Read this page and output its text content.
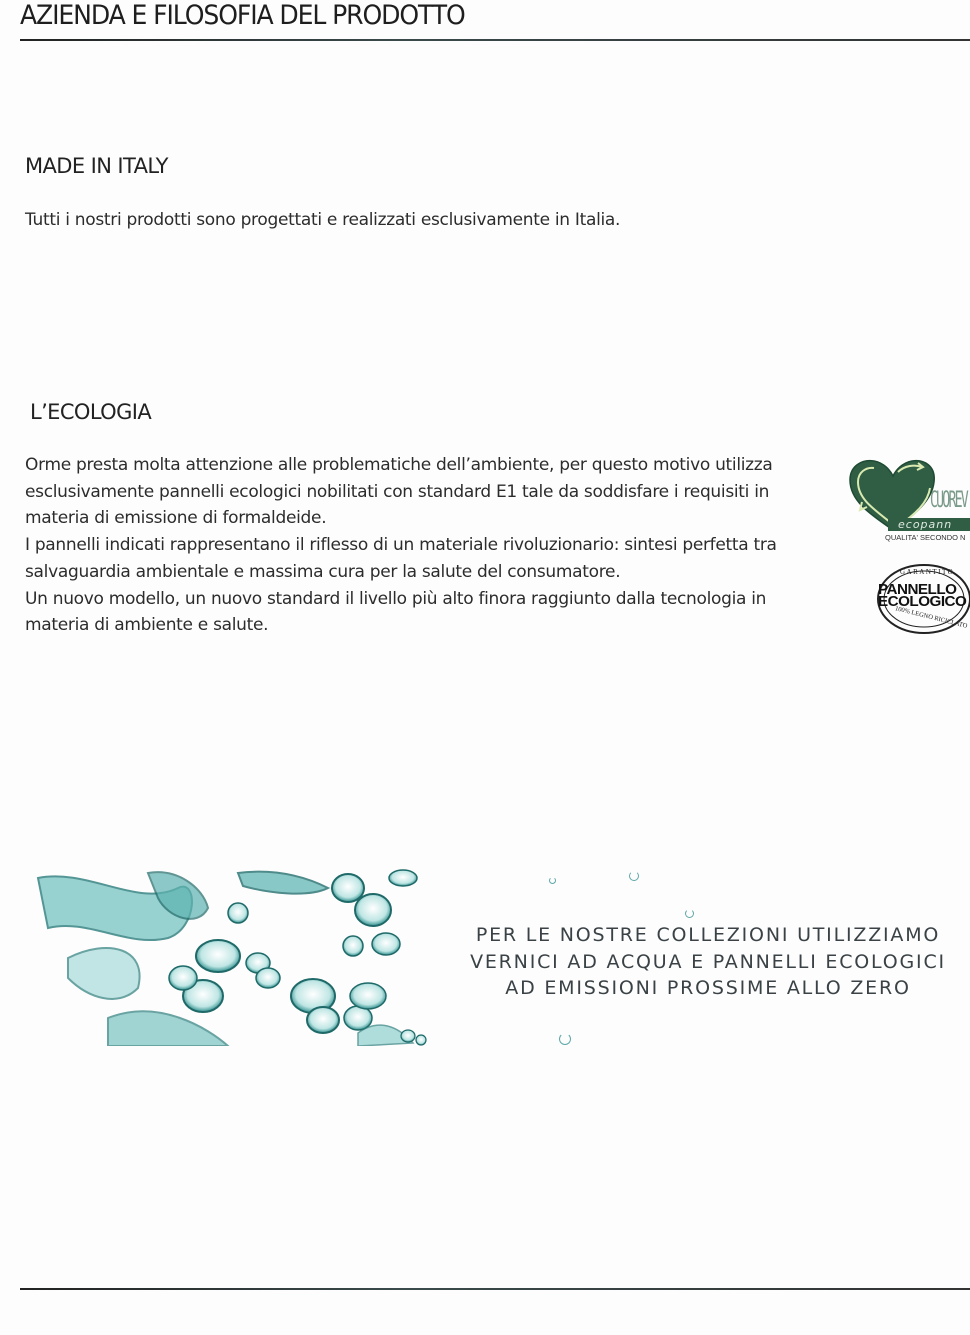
AZIENDA E FILOSOFIA DEL PRODOTTO
MADE IN ITALY
Tutti i nostri prodotti sono progettati e realizzati esclusivamente in Italia.
L’ECOLOGIA

Orme presta molta attenzione alle problematiche dell’ambiente, per questo motivo utilizza esclusivamente pannelli ecologici nobilitati con standard E1 tale da soddisfare i requisiti in materia di emissione di formaldeide.

I pannelli indicati rappresentano il riflesso di un materiale rivoluzionario: sintesi perfetta tra salvaguardia ambientale e massima cura per la salute del consumatore.

Un nuovo modello, un nuovo standard il livello più alto finora raggiunto dalla tecnologia in materia di ambiente e salute.

CUOREV
ecopann
QUALITA' SECONDO N
GARANTITO
PANNELLO
ECOLOGICO
100% LEGNO RICICLATO

PER LE NOSTRE COLLEZIONI UTILIZZIAMO

VERNICI AD ACQUA E PANNELLI ECOLOGICI

AD EMISSIONI PROSSIME ALLO ZERO
